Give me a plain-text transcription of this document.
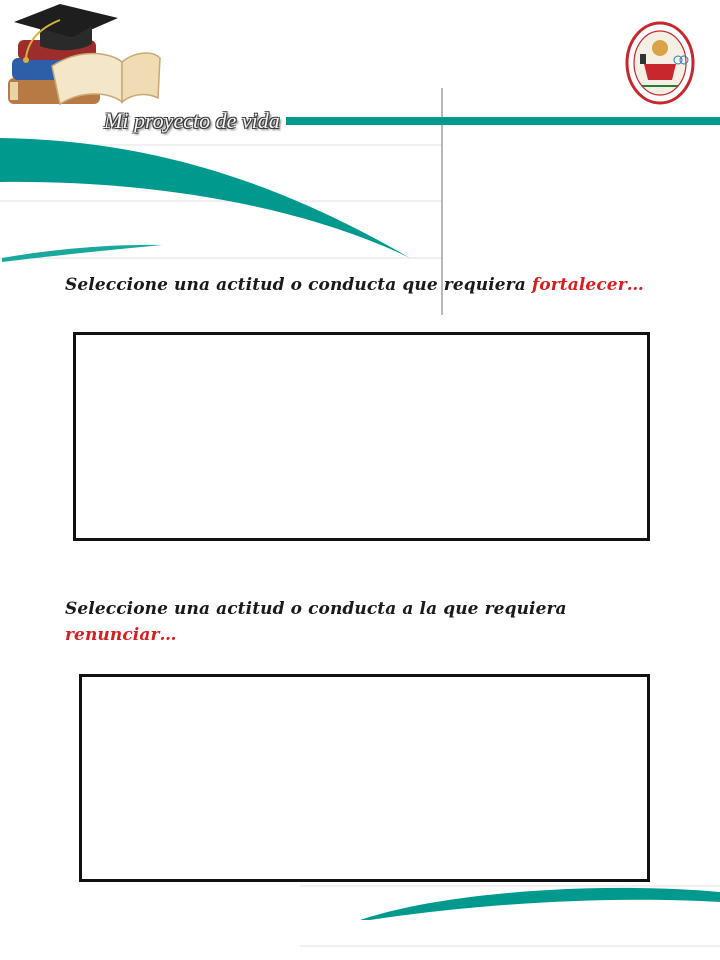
Mi proyecto de vida
Seleccione una actitud o conducta que requiera fortalecer…
Seleccione una actitud o conducta a la que requiera renunciar…
